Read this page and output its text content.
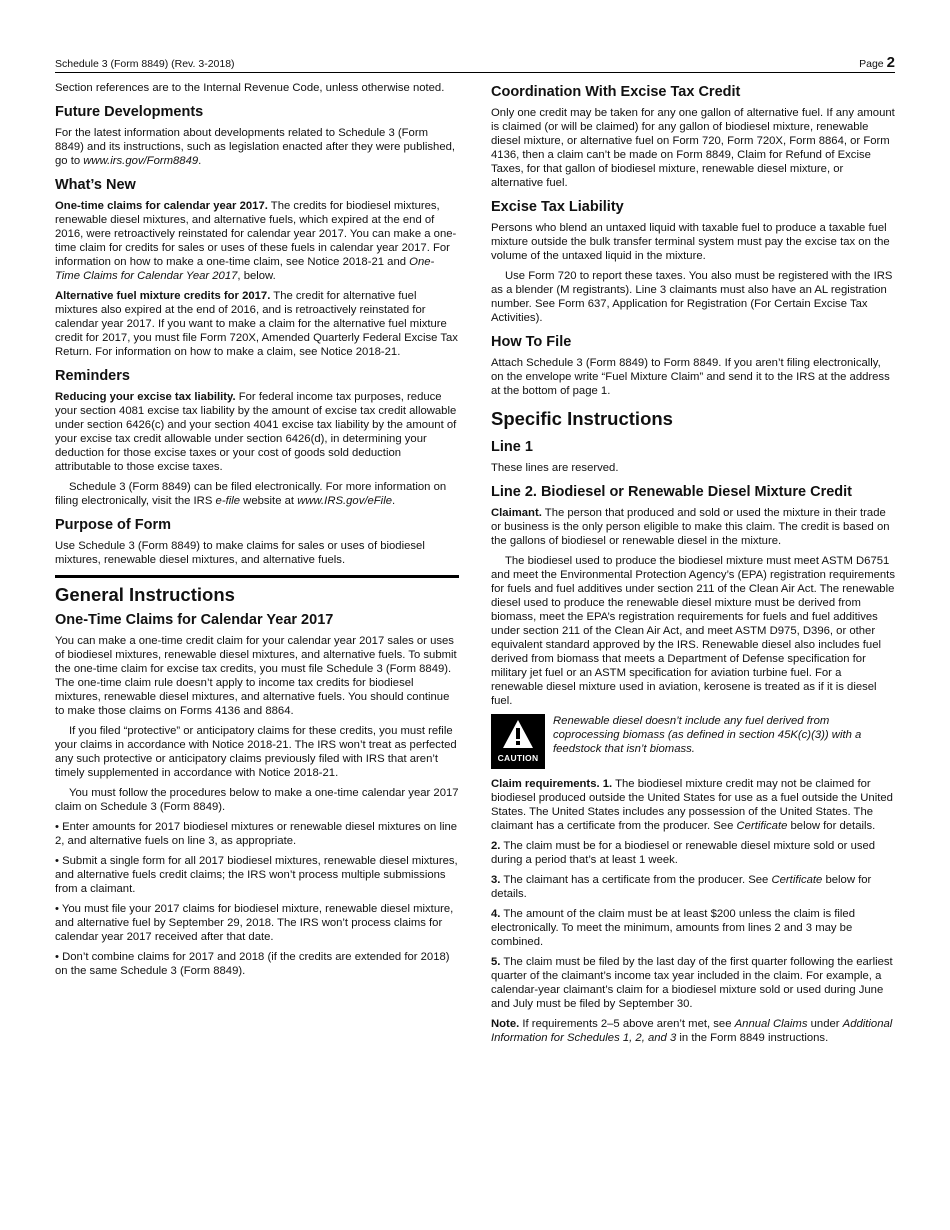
Schedule 3 (Form 8849) (Rev. 3-2018)	Page 2

Section references are to the Internal Revenue Code, unless otherwise noted.

Future Developments

For the latest information about developments related to Schedule 3 (Form 8849) and its instructions, such as legislation enacted after they were published, go to www.irs.gov/Form8849.

What’s New

One-time claims for calendar year 2017. The credits for biodiesel mixtures, renewable diesel mixtures, and alternative fuels, which expired at the end of 2016, were retroactively reinstated for calendar year 2017. You can make a one-time claim for credits for sales or uses of these fuels in calendar year 2017. For information on how to make a one-time claim, see Notice 2018-21 and One-Time Claims for Calendar Year 2017, below.

Alternative fuel mixture credits for 2017. The credit for alternative fuel mixtures also expired at the end of 2016, and is retroactively reinstated for calendar year 2017. If you want to make a claim for the alternative fuel mixture credit for 2017, you must file Form 720X, Amended Quarterly Federal Excise Tax Return. For information on how to make a claim, see Notice 2018-21.

Reminders

Reducing your excise tax liability. For federal income tax purposes, reduce your section 4081 excise tax liability by the amount of excise tax credit allowable under section 6426(c) and your section 4041 excise tax liability by the amount of your excise tax credit allowable under section 6426(d), in determining your deduction for those excise taxes or your cost of goods sold deduction attributable to those excise taxes.

Schedule 3 (Form 8849) can be filed electronically. For more information on filing electronically, visit the IRS e-file website at www.IRS.gov/eFile.

Purpose of Form

Use Schedule 3 (Form 8849) to make claims for sales or uses of biodiesel mixtures, renewable diesel mixtures, and alternative fuels.

General Instructions
One-Time Claims for Calendar Year 2017

You can make a one-time credit claim for your calendar year 2017 sales or uses of biodiesel mixtures, renewable diesel mixtures, and alternative fuels. To submit the one-time claim for excise tax credits, you must file Schedule 3 (Form 8849). The one-time claim rule doesn’t apply to income tax credits for biodiesel mixtures, renewable diesel mixtures, and alternative fuels. You should continue to make those claims on Forms 4136 and 8864.

If you filed “protective” or anticipatory claims for these credits, you must refile your claims in accordance with Notice 2018-21. The IRS won’t treat as perfected any such protective or anticipatory claims previously filed with IRS that aren’t timely supplemented in accordance with Notice 2018-21.

You must follow the procedures below to make a one-time calendar year 2017 claim on Schedule 3 (Form 8849).

• Enter amounts for 2017 biodiesel mixtures or renewable diesel mixtures on line 2, and alternative fuels on line 3, as appropriate.

• Submit a single form for all 2017 biodiesel mixtures, renewable diesel mixtures, and alternative fuels credit claims; the IRS won’t process multiple submissions from a claimant.

• You must file your 2017 claims for biodiesel mixture, renewable diesel mixture, and alternative fuel by September 29, 2018. The IRS won’t process claims for calendar year 2017 received after that date.

• Don’t combine claims for 2017 and 2018 (if the credits are extended for 2018) on the same Schedule 3 (Form 8849).

Coordination With Excise Tax Credit

Only one credit may be taken for any one gallon of alternative fuel. If any amount is claimed (or will be claimed) for any gallon of biodiesel mixture, renewable diesel mixture, or alternative fuel on Form 720, Form 720X, Form 8864, or Form 4136, then a claim can’t be made on Form 8849, Claim for Refund of Excise Taxes, for that gallon of biodiesel mixture, renewable diesel mixture, or alternative fuel.

Excise Tax Liability

Persons who blend an untaxed liquid with taxable fuel to produce a taxable fuel mixture outside the bulk transfer terminal system must pay the excise tax on the volume of the untaxed liquid in the mixture.

Use Form 720 to report these taxes. You also must be registered with the IRS as a blender (M registrants). Line 3 claimants must also have an AL registration number. See Form 637, Application for Registration (For Certain Excise Tax Activities).

How To File

Attach Schedule 3 (Form 8849) to Form 8849. If you aren’t filing electronically, on the envelope write “Fuel Mixture Claim” and send it to the IRS at the address at the bottom of page 1.

Specific Instructions
Line 1

These lines are reserved.

Line 2. Biodiesel or Renewable Diesel Mixture Credit

Claimant. The person that produced and sold or used the mixture in their trade or business is the only person eligible to make this claim. The credit is based on the gallons of biodiesel or renewable diesel in the mixture.

The biodiesel used to produce the biodiesel mixture must meet ASTM D6751 and meet the Environmental Protection Agency’s (EPA) registration requirements for fuels and fuel additives under section 211 of the Clean Air Act. The renewable diesel used to produce the renewable diesel mixture must be derived from biomass, meet the EPA’s registration requirements for fuels and fuel additives under section 211 of the Clean Air Act, and meet ASTM D975, D396, or other equivalent standard approved by the IRS. Renewable diesel also includes fuel derived from biomass that meets a Department of Defense specification for military jet fuel or an ASTM specification for aviation turbine fuel. For a renewable diesel mixture used in aviation, kerosene is treated as if it is diesel fuel.

CAUTION
Renewable diesel doesn’t include any fuel derived from coprocessing biomass (as defined in section 45K(c)(3)) with a feedstock that isn’t biomass.

Claim requirements. 1. The biodiesel mixture credit may not be claimed for biodiesel produced outside the United States for use as a fuel outside the United States. The United States includes any possession of the United States. The claimant has a certificate from the producer. See Certificate below for details.

2. The claim must be for a biodiesel or renewable diesel mixture sold or used during a period that’s at least 1 week.

3. The claimant has a certificate from the producer. See Certificate below for details.

4. The amount of the claim must be at least $200 unless the claim is filed electronically. To meet the minimum, amounts from lines 2 and 3 may be combined.

5. The claim must be filed by the last day of the first quarter following the earliest quarter of the claimant’s income tax year included in the claim. For example, a calendar-year claimant’s claim for a biodiesel mixture sold or used during June and July must be filed by September 30.

Note. If requirements 2–5 above aren’t met, see Annual Claims under Additional Information for Schedules 1, 2, and 3 in the Form 8849 instructions.
